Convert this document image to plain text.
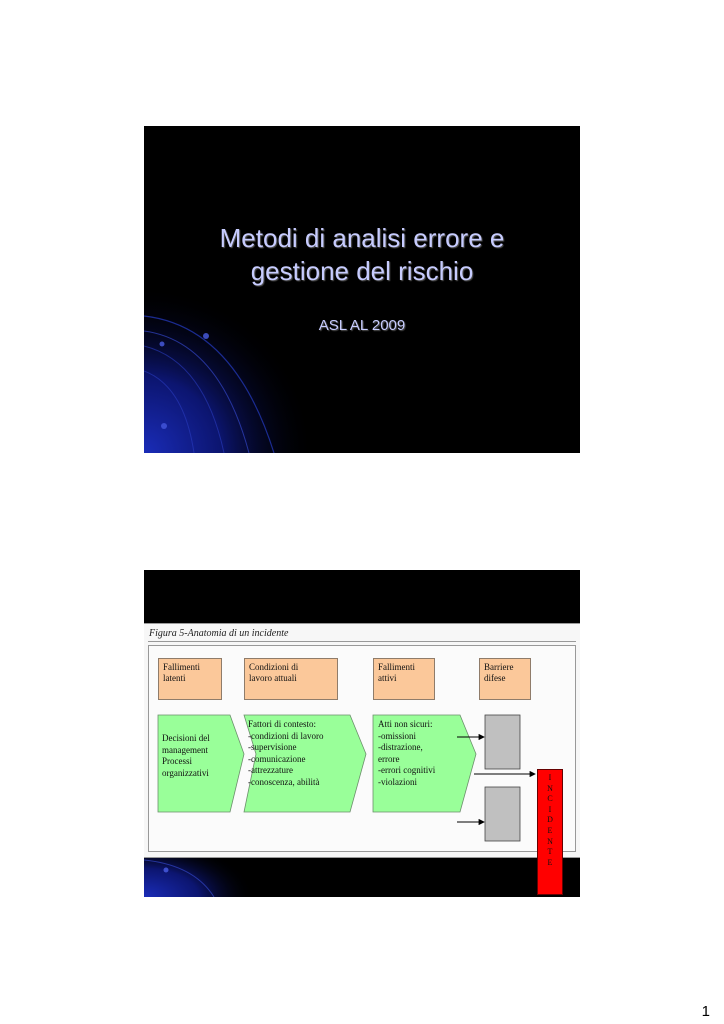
Metodi di analisi errore e
gestione del rischio
ASL AL 2009
Figura 5-Anatomia di un incidente
Fallimenti
latenti
Condizioni di
lavoro attuali
Fallimenti
attivi
Barriere
difese
Decisioni del
management
Processi
organizzativi
Fattori di contesto:
-condizioni di lavoro
-supervisione
-comunicazione
-attrezzature
-conoscenza, abilità
Atti non sicuri:
-omissioni
-distrazione,
errore
-errori cognitivi
-violazioni	I
N
C
I
D
E
N
T
E
1
